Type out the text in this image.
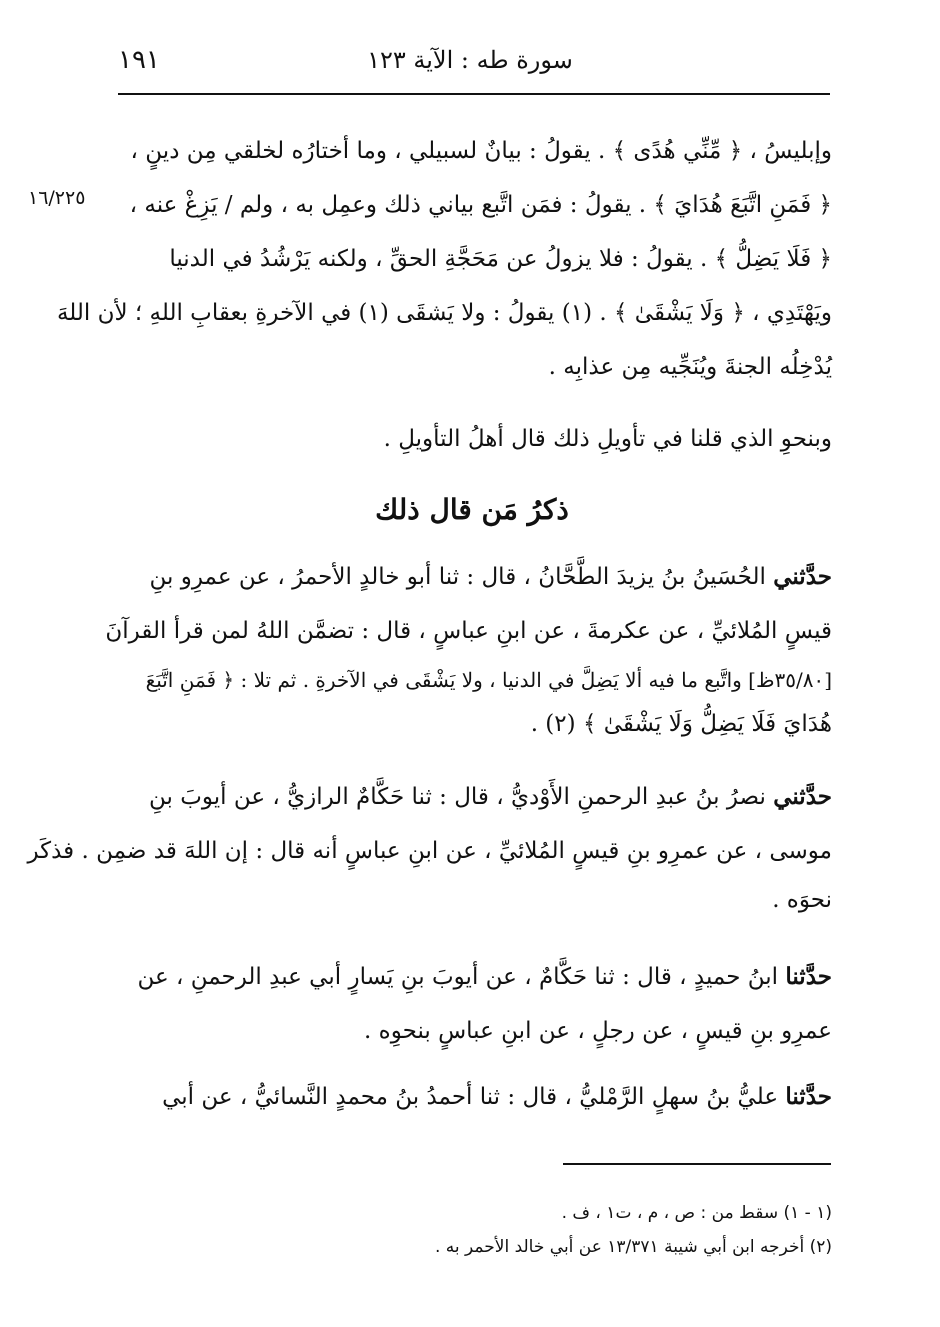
١٩١	سورة طه : الآية ١٢٣
١٦/٢٢٥
وإبليسُ ، ﴿ مِّنِّي هُدًى ﴾ . يقولُ : بيانٌ لسبيلي ، وما أختارُه لخلقي مِن دينٍ ،
﴿ فَمَنِ اتَّبَعَ هُدَايَ ﴾ . يقولُ : فمَن اتَّبع بياني ذلك وعمِل به ، ولم / يَزِغْ عنه ،
﴿ فَلَا يَضِلُّ ﴾ . يقولُ : فلا يزولُ عن مَحَجَّةِ الحقِّ ، ولكنه يَرْشُدُ في الدنيا
ويَهْتَدِي ، ﴿ وَلَا يَشْقَىٰ ﴾ . (١) يقولُ : ولا يَشقَى (١) في الآخرةِ بعقابِ اللهِ ؛ لأن اللهَ
يُدْخِلُه الجنةَ ويُنَجِّيه مِن عذابِه .
وبنحوِ الذي قلنا في تأويلِ ذلك قال أهلُ التأويلِ .
ذكرُ مَن قال ذلك
حدَّثني الحُسَينُ بنُ يزيدَ الطَّحَّانُ ، قال : ثنا أبو خالدٍ الأحمرُ ، عن عمرِو بنِ
قيسٍ المُلائيِّ ، عن عكرمةَ ، عن ابنِ عباسٍ ، قال : تضمَّن اللهُ لمن قرأ القرآنَ
[٣٥/٨٠ظ] واتَّبع ما فيه ألا يَضِلَّ في الدنيا ، ولا يَشْقَى في الآخرةِ . ثم تلا : ﴿ فَمَنِ اتَّبَعَ
هُدَايَ فَلَا يَضِلُّ وَلَا يَشْقَىٰ ﴾ (٢) .
حدَّثني نصرُ بنُ عبدِ الرحمنِ الأَوْديُّ ، قال : ثنا حَكَّامٌ الرازيُّ ، عن أيوبَ بنِ
موسى ، عن عمرِو بنِ قيسٍ المُلائيِّ ، عن ابنِ عباسٍ أنه قال : إن اللهَ قد ضمِن . فذكَر
نحوَه .
حدَّثنا ابنُ حميدٍ ، قال : ثنا حَكَّامٌ ، عن أيوبَ بنِ يَسارٍ أبي عبدِ الرحمنِ ، عن
عمرِو بنِ قيسٍ ، عن رجلٍ ، عن ابنِ عباسٍ بنحوِه .
حدَّثنا عليُّ بنُ سهلٍ الرَّمْليُّ ، قال : ثنا أحمدُ بنُ محمدٍ النَّسائيُّ ، عن أبي
(١ - ١) سقط من : ص ، م ، ت١ ، ف .
(٢) أخرجه ابن أبي شيبة ١٣/٣٧١ عن أبي خالد الأحمر به .
